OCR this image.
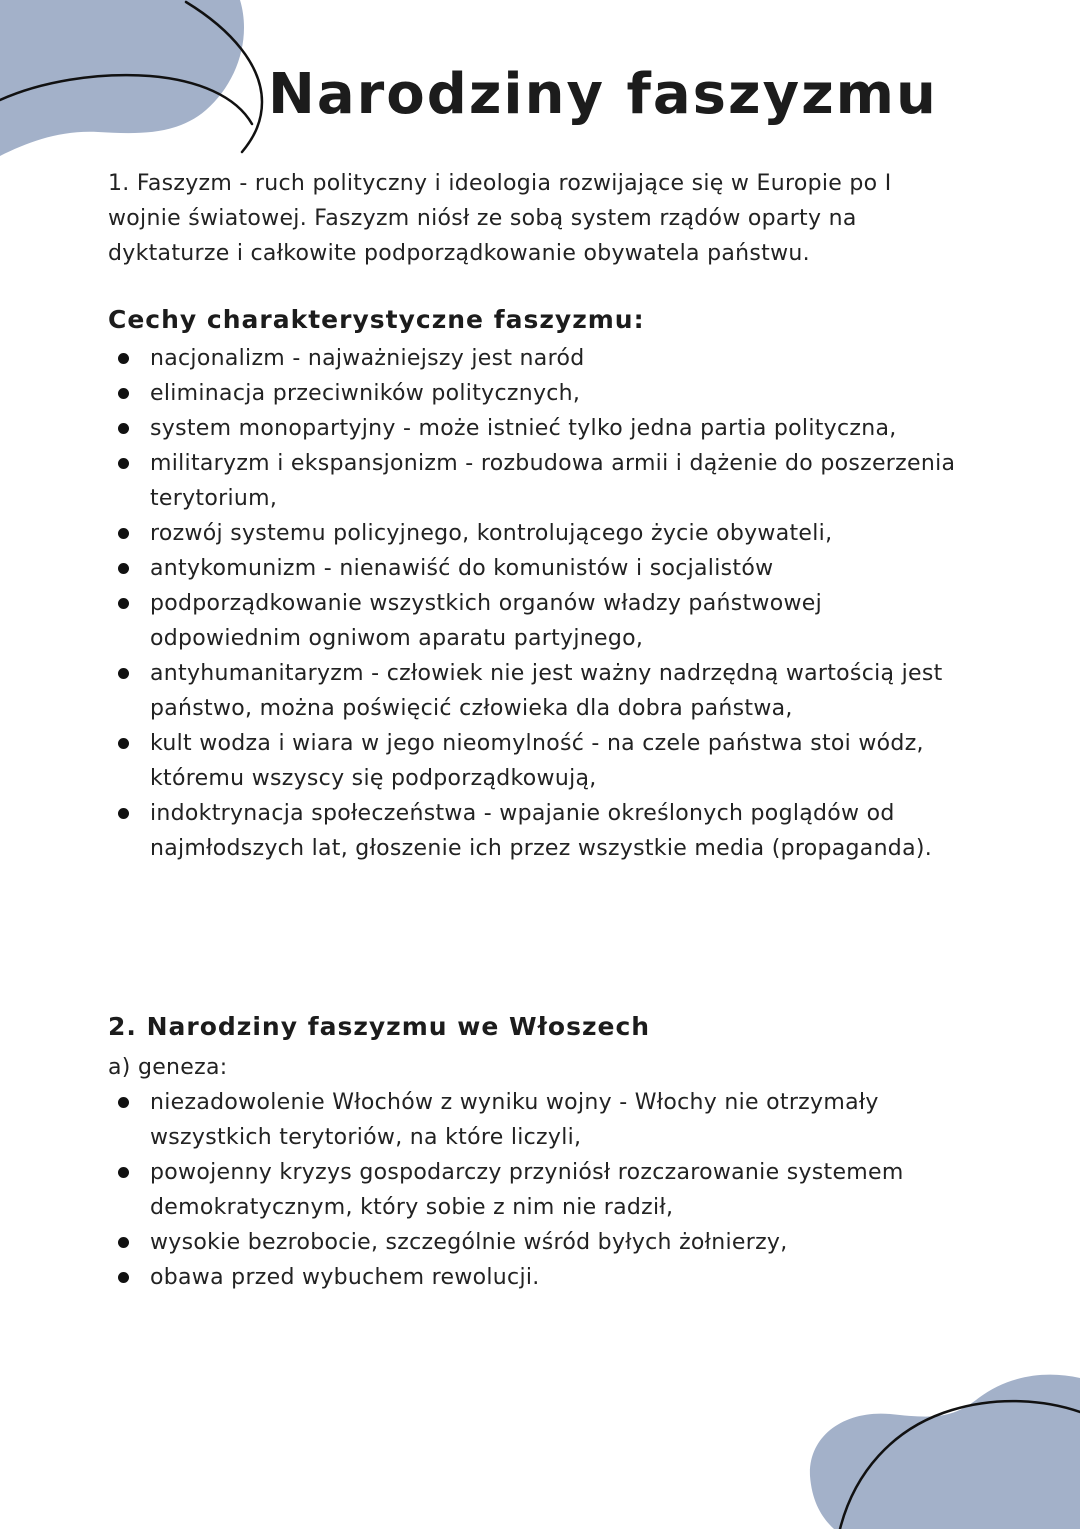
Narodziny faszyzmu

1. Faszyzm - ruch polityczny i ideologia rozwijające się w Europie po I wojnie światowej. Faszyzm niósł ze sobą system rządów oparty na dyktaturze i całkowite podporządkowanie obywatela państwu.

Cechy charakterystyczne faszyzmu:
nacjonalizm - najważniejszy jest naród
eliminacja przeciwników politycznych,
system monopartyjny - może istnieć tylko jedna partia polityczna,
militaryzm i ekspansjonizm - rozbudowa armii i dążenie do poszerzenia terytorium,
rozwój systemu policyjnego, kontrolującego życie obywateli,
antykomunizm - nienawiść do komunistów i socjalistów
podporządkowanie wszystkich organów władzy państwowej odpowiednim ogniwom aparatu partyjnego,
antyhumanitaryzm - człowiek nie jest ważny nadrzędną wartością jest państwo, można poświęcić człowieka dla dobra państwa,
kult wodza i wiara w jego nieomylność - na czele państwa stoi wódz, któremu wszyscy się podporządkowują,
indoktrynacja społeczeństwa - wpajanie określonych poglądów od najmłodszych lat, głoszenie ich przez wszystkie media (propaganda).
2. Narodziny faszyzmu we Włoszech

a) geneza:

niezadowolenie Włochów z wyniku wojny - Włochy nie otrzymały wszystkich terytoriów, na które liczyli,
powojenny kryzys gospodarczy przyniósł rozczarowanie systemem demokratycznym, który sobie z nim nie radził,
wysokie bezrobocie, szczególnie wśród byłych żołnierzy,
obawa przed wybuchem rewolucji.
